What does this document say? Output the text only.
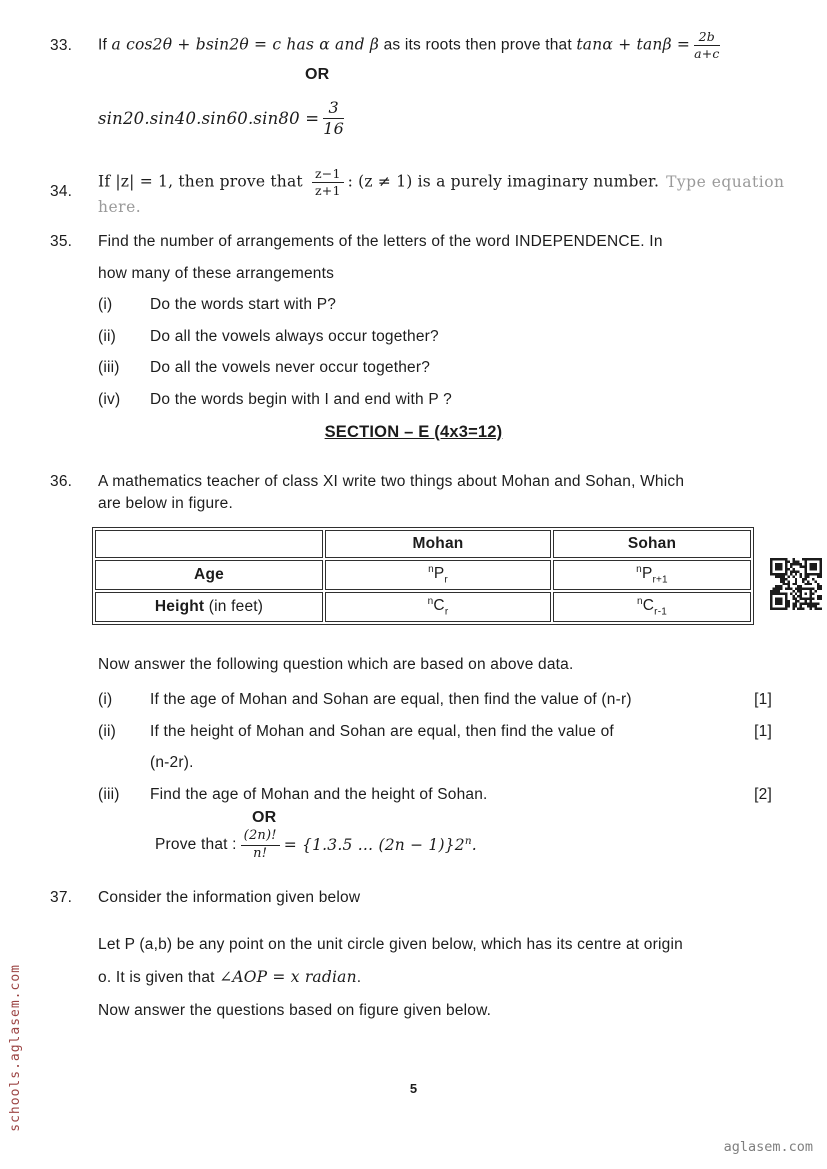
33.	If a cos2θ + bsin2θ = c has α and β as its roots then prove that $\tan\alpha + \tan\beta = \frac{2b}{a+c}$
OR
$\sin 20.\sin 40.\sin 60.\sin 80 = \frac{3}{16}$
34.
If |z| = 1, then prove that $\frac{z-1}{z+1}$ : (z ≠ 1) is a purely imaginary number. Type equation here.
35.	Find the number of arrangements of the letters of the word INDEPENDENCE. In
how many of these arrangements
(i)	Do the words start with P?
(ii)	Do all the vowels always occur together?
(iii)	Do all the vowels never occur together?
(iv)	Do the words begin with I and end with P ?
SECTION – E (4x3=12)
36.	A mathematics teacher of class XI write two things about Mohan and Sohan, Which
are below in figure.
	Mohan	Sohan
Age	$^nP_r$	$^nP_{r+1}$
Height (in feet)	$^nC_r$	$^nC_{r-1}$
Now answer the following question which are based on above data.
(i)	If the age of Mohan and Sohan are equal, then find the value of (n-r)	[1]
(ii)	If the height of Mohan and Sohan are equal, then find the value of
(n-2r).
[1]
(iii)	Find the age of Mohan and the height of Sohan.	[2]
OR
Prove that : $\frac{(2n)!}{n!} = \{1.3.5$ … $(2n - 1)\}2^n$.
37.	Consider the information given below
Let P (a,b) be any point on the unit circle given below, which has its centre at origin
o. It is given that ∠AOP = x radian.
Now answer the questions based on figure given below.
5
aglasem.com
schools.aglasem.com
